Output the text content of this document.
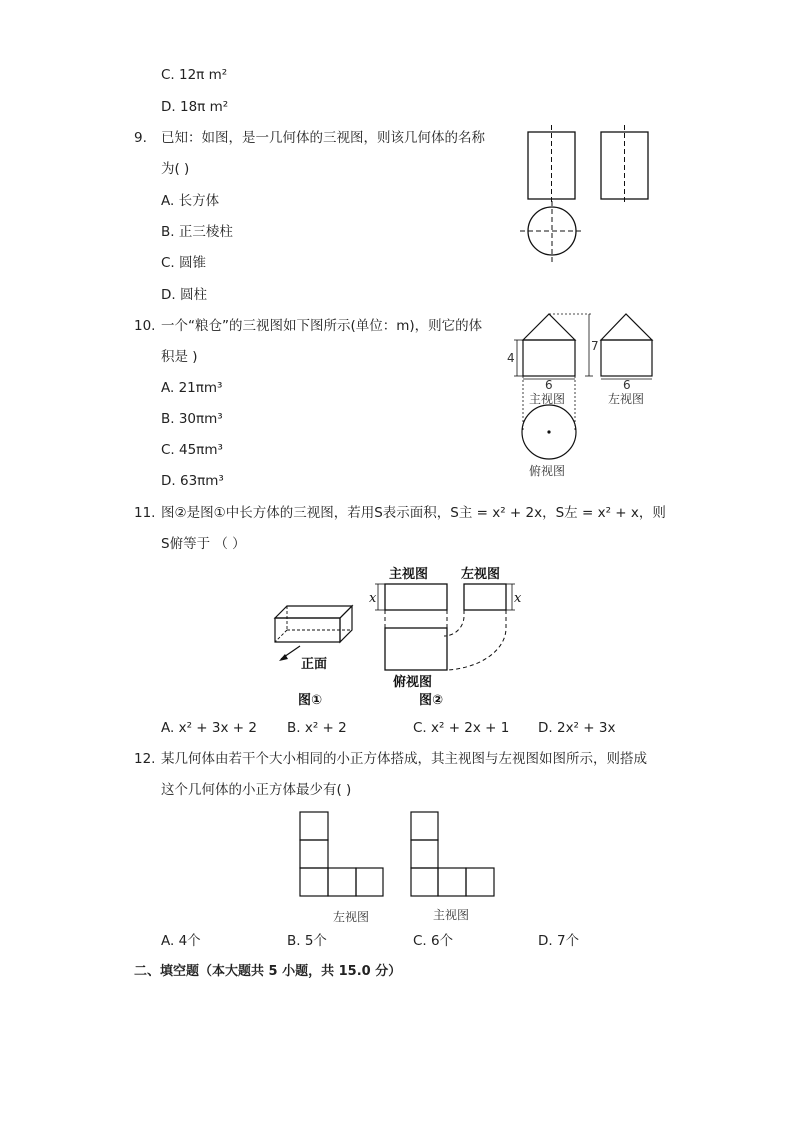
C. 12π m²
D. 18π m²
9. 已知：如图，是一几何体的三视图，则该几何体的名称
为( )
A. 长方体
B. 正三棱柱
C. 圆锥
D. 圆柱
10. 一个“粮仓”的三视图如下图所示(单位：m)，则它的体
积是 )
A. 21πm³
B. 30πm³
C. 45πm³
D. 63πm³
4
7
6	6
主视图	左视图
俯视图
11. 图②是图①中长方体的三视图，若用S表示面积，S主 = x² + 2x，S左 = x² + x，则
S俯等于 （ ）
正面
图①
主视图	左视图
x	x
俯视图
图②
A. x² + 3x + 2 B. x² + 2	C. x² + 2x + 1 D. 2x² + 3x
12. 某几何体由若干个大小相同的小正方体搭成，其主视图与左视图如图所示，则搭成
这个几何体的小正方体最少有( )
左视图	主视图
A. 4个	B. 5个	C. 6个	D. 7个
二、填空题（本大题共 5 小题，共 15.0 分）
